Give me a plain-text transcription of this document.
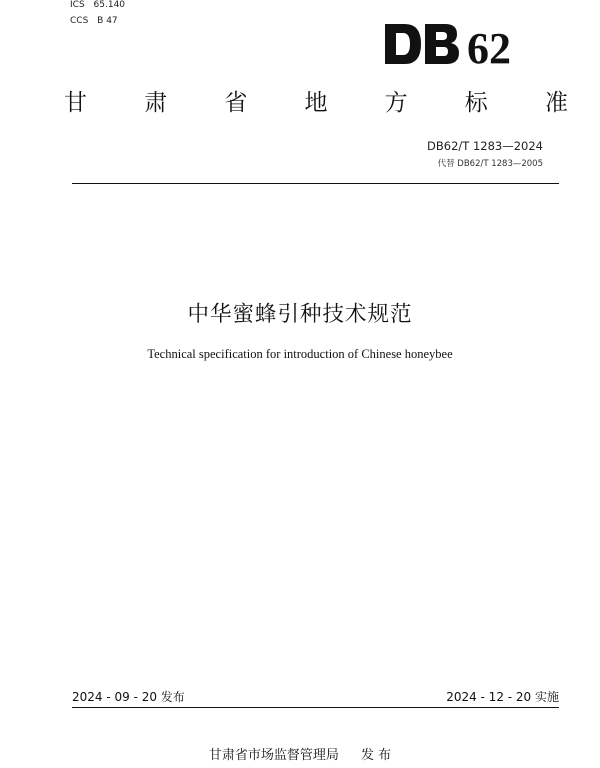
ICS 65.140
CCS B 47
62
甘 肃 省 地 方 标 准
DB62/T 1283—2024
代替 DB62/T 1283—2005
中华蜜蜂引种技术规范
Technical specification for introduction of Chinese honeybee
2024 - 09 - 20 发布	2024 - 12 - 20 实施
甘肃省市场监督管理局 发 布
